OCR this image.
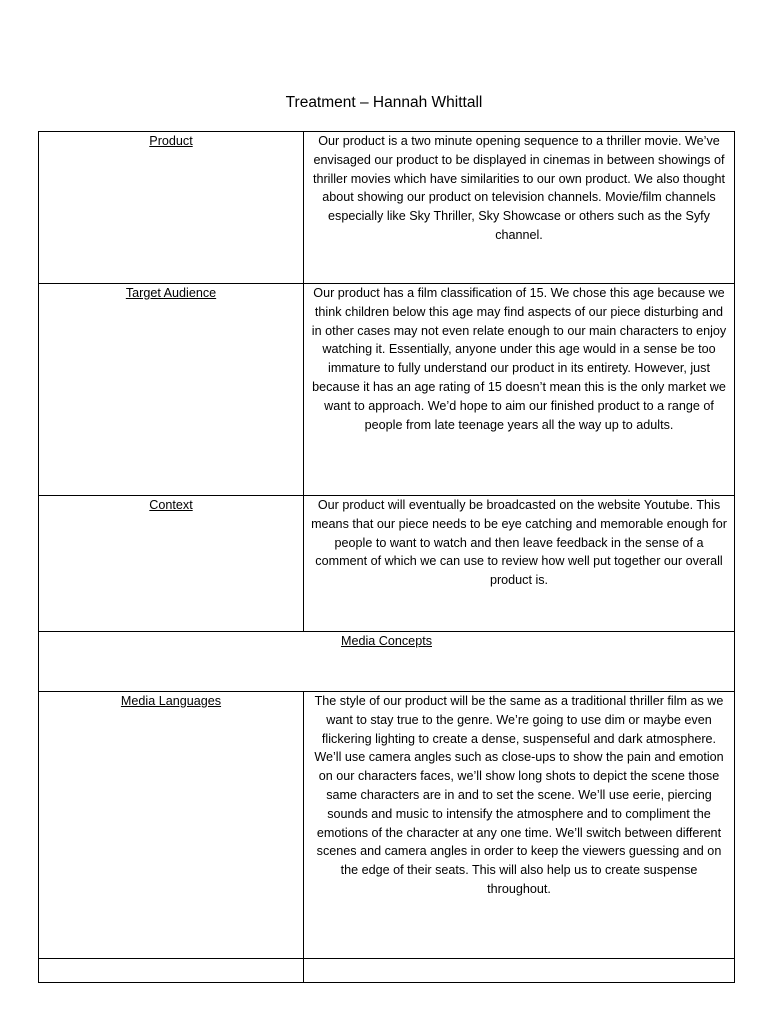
Treatment – Hannah Whittall
Product	Our product is a two minute opening sequence to a thriller movie. We’ve envisaged our product to be displayed in cinemas in between showings of thriller movies which have similarities to our own product. We also thought about showing our product on television channels. Movie/film channels especially like Sky Thriller, Sky Showcase or others such as the Syfy channel.

Target Audience	Our product has a film classification of 15. We chose this age because we think children below this age may find aspects of our piece disturbing and in other cases may not even relate enough to our main characters to enjoy watching it. Essentially, anyone under this age would in a sense be too immature to fully understand our product in its entirety. However, just because it has an age rating of 15 doesn’t mean this is the only market we want to approach. We’d hope to aim our finished product to a range of people from late teenage years all the way up to adults.

Context	Our product will eventually be broadcasted on the website Youtube. This means that our piece needs to be eye catching and memorable enough for people to want to watch and then leave feedback in the sense of a comment of which we can use to review how well put together our overall product is.

Media Concepts	

Media Languages	The style of our product will be the same as a traditional thriller film as we want to stay true to the genre. We’re going to use dim or maybe even flickering lighting to create a dense, suspenseful and dark atmosphere. We’ll use camera angles such as close-ups to show the pain and emotion on our characters faces, we’ll show long shots to depict the scene those same characters are in and to set the scene. We’ll use eerie, piercing sounds and music to intensify the atmosphere and to compliment the emotions of the character at any one time. We’ll switch between different scenes and camera angles in order to keep the viewers guessing and on the edge of their seats. This will also help us to create suspense throughout.
